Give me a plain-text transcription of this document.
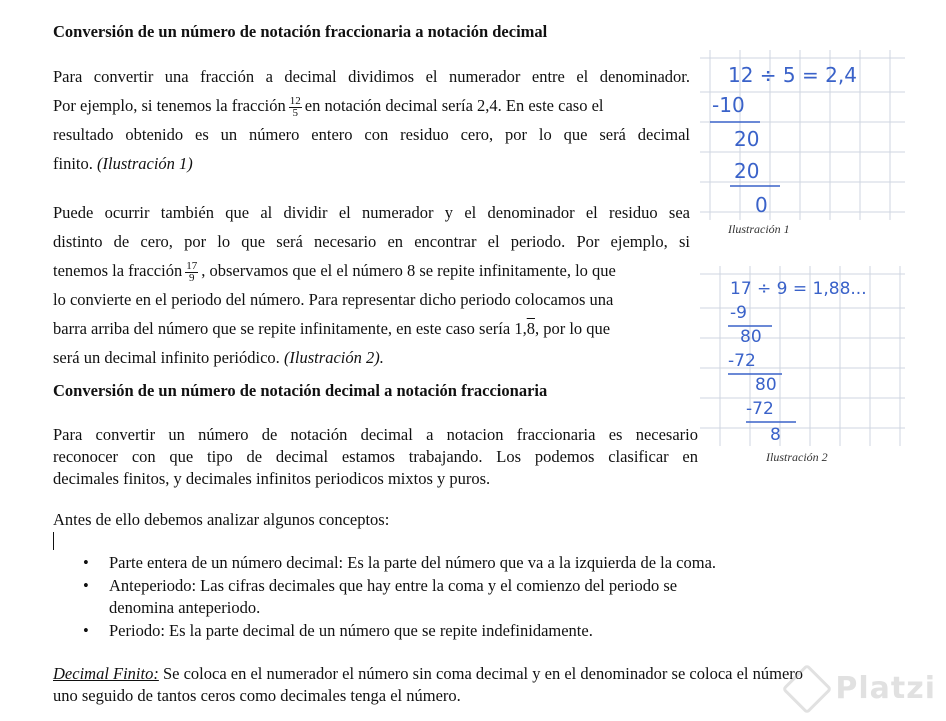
Conversión de un número de notación fraccionaria a notación decimal
Para convertir una fracción a decimal dividimos el numerador entre el denominador.
Por ejemplo, si tenemos la fracción $\frac{12}{5}$ en notación decimal sería 2,4. En este caso el
resultado obtenido es un número entero con residuo cero, por lo que será decimal
finito. (Ilustración 1)
Puede ocurrir también que al dividir el numerador y el denominador el residuo sea
distinto de cero, por lo que será necesario en encontrar el periodo. Por ejemplo, si
tenemos la fracción $\frac{17}{9}$ , observamos que el el número 8 se repite infinitamente, lo que
lo convierte en el periodo del número. Para representar dicho periodo colocamos una
barra arriba del número que se repite infinitamente, en este caso sería 1,8, por lo que
será un decimal infinito periódico. (Ilustración 2).
Conversión de un número de notación decimal a notación fraccionaria
Para convertir un número de notación decimal a notacion fraccionaria es necesario
reconocer con que tipo de decimal estamos trabajando. Los podemos clasificar en
decimales finitos, y decimales infinitos periodicos mixtos y puros.
Antes de ello debemos analizar algunos conceptos:
• Parte entera de un número decimal: Es la parte del número que va a la izquierda de la coma.
• Anteperiodo: Las cifras decimales que hay entre la coma y el comienzo del periodo se
denomina anteperiodo.
• Periodo: Es la parte decimal de un número que se repite indefinidamente.
Decimal Finito: Se coloca en el numerador el número sin coma decimal y en el denominador se coloca el número
uno seguido de tantos ceros como decimales tenga el número.
12 ÷ 5 = 2,4
-10
20
20
0
Ilustración 1
17 ÷ 9 = 1,88...
-9
80
-72
80
-72
8
Ilustración 2
Platzi
